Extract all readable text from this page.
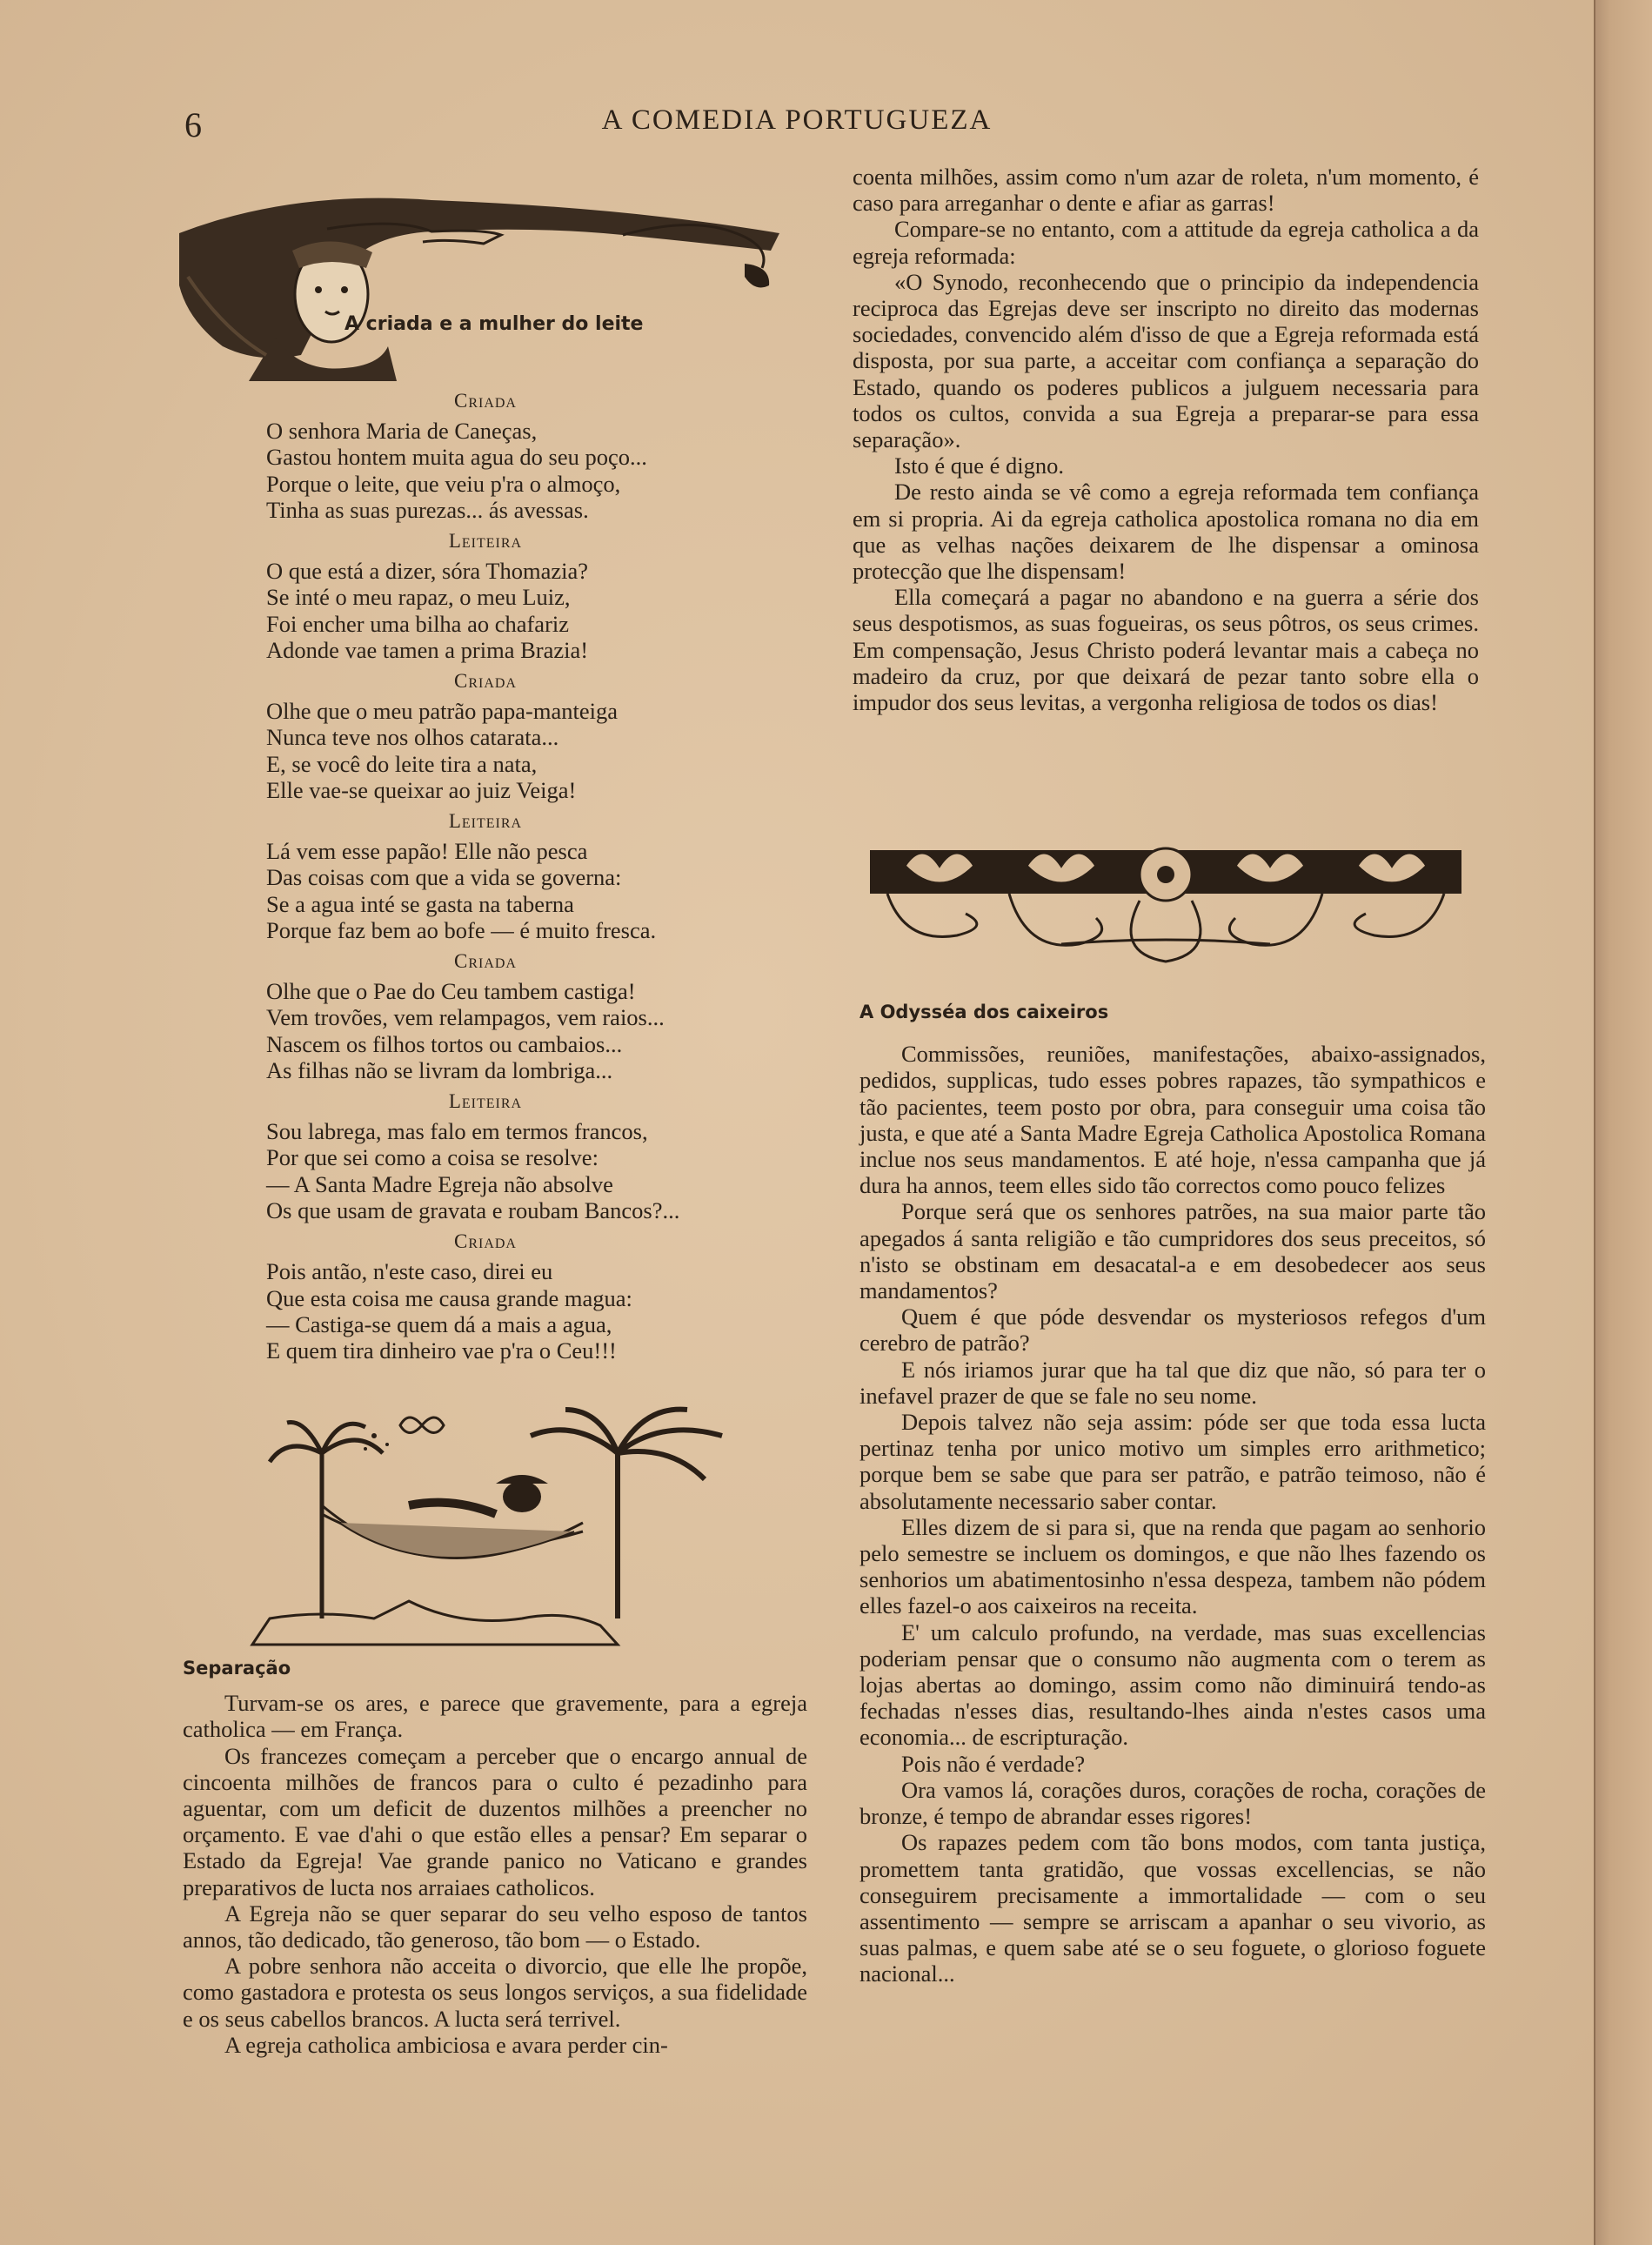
6	A COMEDIA PORTUGUEZA
A criada e a mulher do leite
Criada

O senhora Maria de Caneças,

Gastou hontem muita agua do seu poço...

Porque o leite, que veiu p'ra o almoço,

Tinha as suas purezas... ás avessas.

Leiteira

O que está a dizer, sóra Thomazia?

Se inté o meu rapaz, o meu Luiz,

Foi encher uma bilha ao chafariz

Adonde vae tamen a prima Brazia!

Criada

Olhe que o meu patrão papa-manteiga

Nunca teve nos olhos catarata...

E, se você do leite tira a nata,

Elle vae-se queixar ao juiz Veiga!

Leiteira

Lá vem esse papão! Elle não pesca

Das coisas com que a vida se governa:

Se a agua inté se gasta na taberna

Porque faz bem ao bofe — é muito fresca.

Criada

Olhe que o Pae do Ceu tambem castiga!

Vem trovões, vem relampagos, vem raios...

Nascem os filhos tortos ou cambaios...

As filhas não se livram da lombriga...

Leiteira

Sou labrega, mas falo em termos francos,

Por que sei como a coisa se resolve:

— A Santa Madre Egreja não absolve

Os que usam de gravata e roubam Bancos?...

Criada

Pois antão, n'este caso, direi eu

Que esta coisa me causa grande magua:

— Castiga-se quem dá a mais a agua,

E quem tira dinheiro vae p'ra o Ceu!!!

Separação

Turvam-se os ares, e parece que gravemente, para a egreja catholica — em França.

Os francezes começam a perceber que o encargo annual de cincoenta milhões de francos para o culto é pezadinho para aguentar, com um deficit de duzentos milhões a preencher no orçamento. E vae d'ahi o que estão elles a pensar? Em separar o Estado da Egreja! Vae grande panico no Vaticano e grandes preparativos de lucta nos arraiaes catholicos.

A Egreja não se quer separar do seu velho esposo de tantos annos, tão dedicado, tão generoso, tão bom — o Estado.

A pobre senhora não acceita o divorcio, que elle lhe propõe, como gastadora e protesta os seus longos serviços, a sua fidelidade e os seus cabellos brancos. A lucta será terrivel.

A egreja catholica ambiciosa e avara perder cin-

coenta milhões, assim como n'um azar de roleta, n'um momento, é caso para arreganhar o dente e afiar as garras!

Compare-se no entanto, com a attitude da egreja catholica a da egreja reformada:

«O Synodo, reconhecendo que o principio da independencia reciproca das Egrejas deve ser inscripto no direito das modernas sociedades, convencido além d'isso de que a Egreja reformada está disposta, por sua parte, a acceitar com confiança a separação do Estado, quando os poderes publicos a julguem necessaria para todos os cultos, convida a sua Egreja a preparar-se para essa separação».

Isto é que é digno.

De resto ainda se vê como a egreja reformada tem confiança em si propria. Ai da egreja catholica apostolica romana no dia em que as velhas nações deixarem de lhe dispensar a ominosa protecção que lhe dispensam!

Ella começará a pagar no abandono e na guerra a série dos seus despotismos, as suas fogueiras, os seus pôtros, os seus crimes. Em compensação, Jesus Christo poderá levantar mais a cabeça no madeiro da cruz, por que deixará de pezar tanto sobre ella o impudor dos seus levitas, a vergonha religiosa de todos os dias!

A Odysséa dos caixeiros

Commissões, reuniões, manifestações, abaixo-assignados, pedidos, supplicas, tudo esses pobres rapazes, tão sympathicos e tão pacientes, teem posto por obra, para conseguir uma coisa tão justa, e que até a Santa Madre Egreja Catholica Apostolica Romana inclue nos seus mandamentos. E até hoje, n'essa campanha que já dura ha annos, teem elles sido tão correctos como pouco felizes

Porque será que os senhores patrões, na sua maior parte tão apegados á santa religião e tão cumpridores dos seus preceitos, só n'isto se obstinam em desacatal-a e em desobedecer aos seus mandamentos?

Quem é que póde desvendar os mysteriosos refegos d'um cerebro de patrão?

E nós iriamos jurar que ha tal que diz que não, só para ter o inefavel prazer de que se fale no seu nome.

Depois talvez não seja assim: póde ser que toda essa lucta pertinaz tenha por unico motivo um simples erro arithmetico; porque bem se sabe que para ser patrão, e patrão teimoso, não é absolutamente necessario saber contar.

Elles dizem de si para si, que na renda que pagam ao senhorio pelo semestre se incluem os domingos, e que não lhes fazendo os senhorios um abatimentosinho n'essa despeza, tambem não pódem elles fazel-o aos caixeiros na receita.

E' um calculo profundo, na verdade, mas suas excellencias poderiam pensar que o consumo não augmenta com o terem as lojas abertas ao domingo, assim como não diminuirá tendo-as fechadas n'esses dias, resultando-lhes ainda n'estes casos uma economia... de escripturação.

Pois não é verdade?

Ora vamos lá, corações duros, corações de rocha, corações de bronze, é tempo de abrandar esses rigores!

Os rapazes pedem com tão bons modos, com tanta justiça, promettem tanta gratidão, que vossas excellencias, se não conseguirem precisamente a immortalidade — com o seu assentimento — sempre se arriscam a apanhar o seu vivorio, as suas palmas, e quem sabe até se o seu foguete, o glorioso foguete nacional...
